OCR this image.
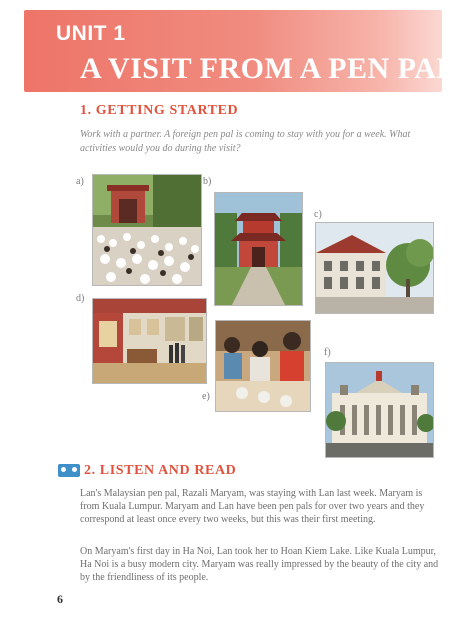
UNIT 1
A VISIT FROM A PEN PAL
1. GETTING STARTED
Work with a partner. A foreign pen pal is coming to stay with you for a week. What activities would you do during the visit?
a)	b)
c)
d)
e)
f)
2. LISTEN AND READ
Lan's Malaysian pen pal, Razali Maryam, was staying with Lan last week. Maryam is from Kuala Lumpur. Maryam and Lan have been pen pals for over two years and they correspond at least once every two weeks, but this was their first meeting.
On Maryam's first day in Ha Noi, Lan took her to Hoan Kiem Lake. Like Kuala Lumpur, Ha Noi is a busy modern city. Maryam was really impressed by the beauty of the city and by the friendliness of its people.
6
